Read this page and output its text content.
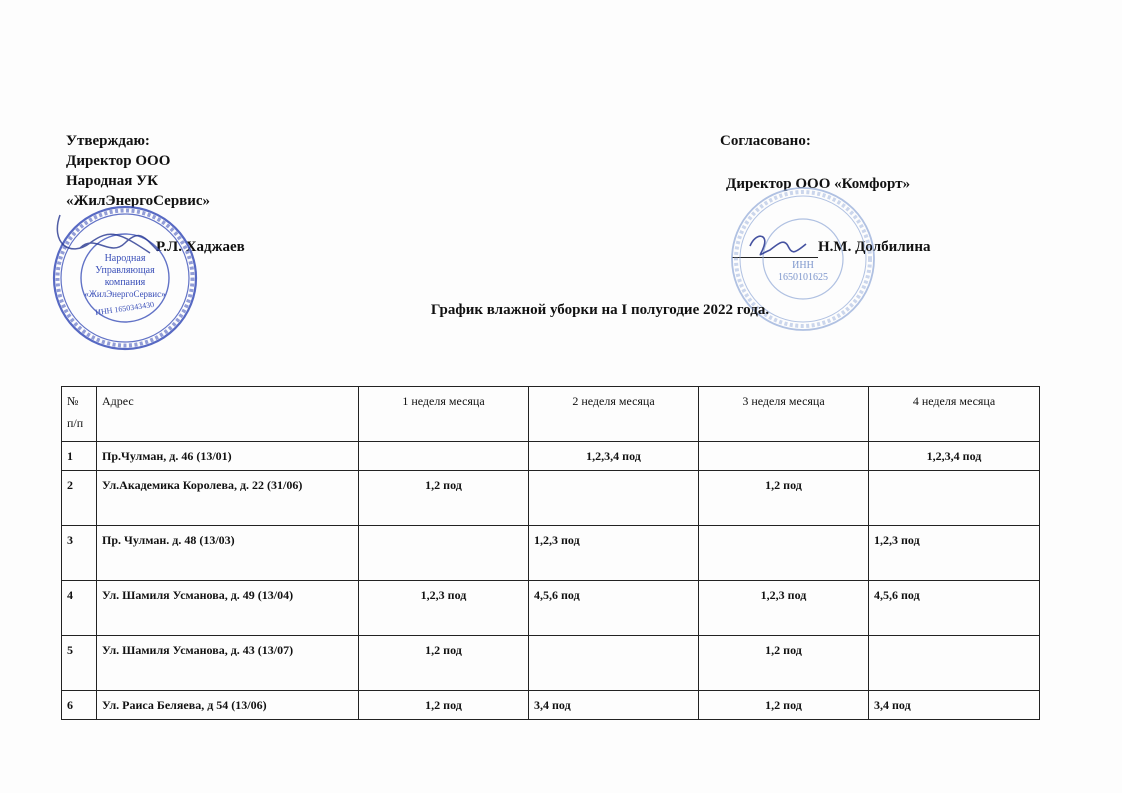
Утверждаю:
Директор ООО
Народная УК
«ЖилЭнергоСервис»
Р.Л. Хаджаев
Согласовано:
Директор ООО «Комфорт»
Н.М. Долбилина
Народная
Управляющая
компания
«ЖилЭнергоСервис»
ИНН 1650343430
ИНН
1650101625
График влажной уборки на I полугодие 2022 года.
№ п/п	Адрес	1 неделя месяца	2 неделя месяца	3 неделя месяца	4 неделя месяца
1	Пр.Чулман, д. 46 (13/01)		1,2,3,4 под		1,2,3,4 под
2	Ул.Академика Королева, д. 22 (31/06)	1,2 под		1,2 под	
3	Пр. Чулман. д. 48 (13/03)		1,2,3 под		1,2,3 под
4	Ул. Шамиля Усманова, д. 49 (13/04)	1,2,3 под	4,5,6 под	1,2,3 под	4,5,6 под
5	Ул. Шамиля Усманова, д. 43 (13/07)	1,2 под		1,2 под	
6	Ул. Раиса Беляева, д 54 (13/06)	1,2 под	3,4 под	1,2 под	3,4 под
